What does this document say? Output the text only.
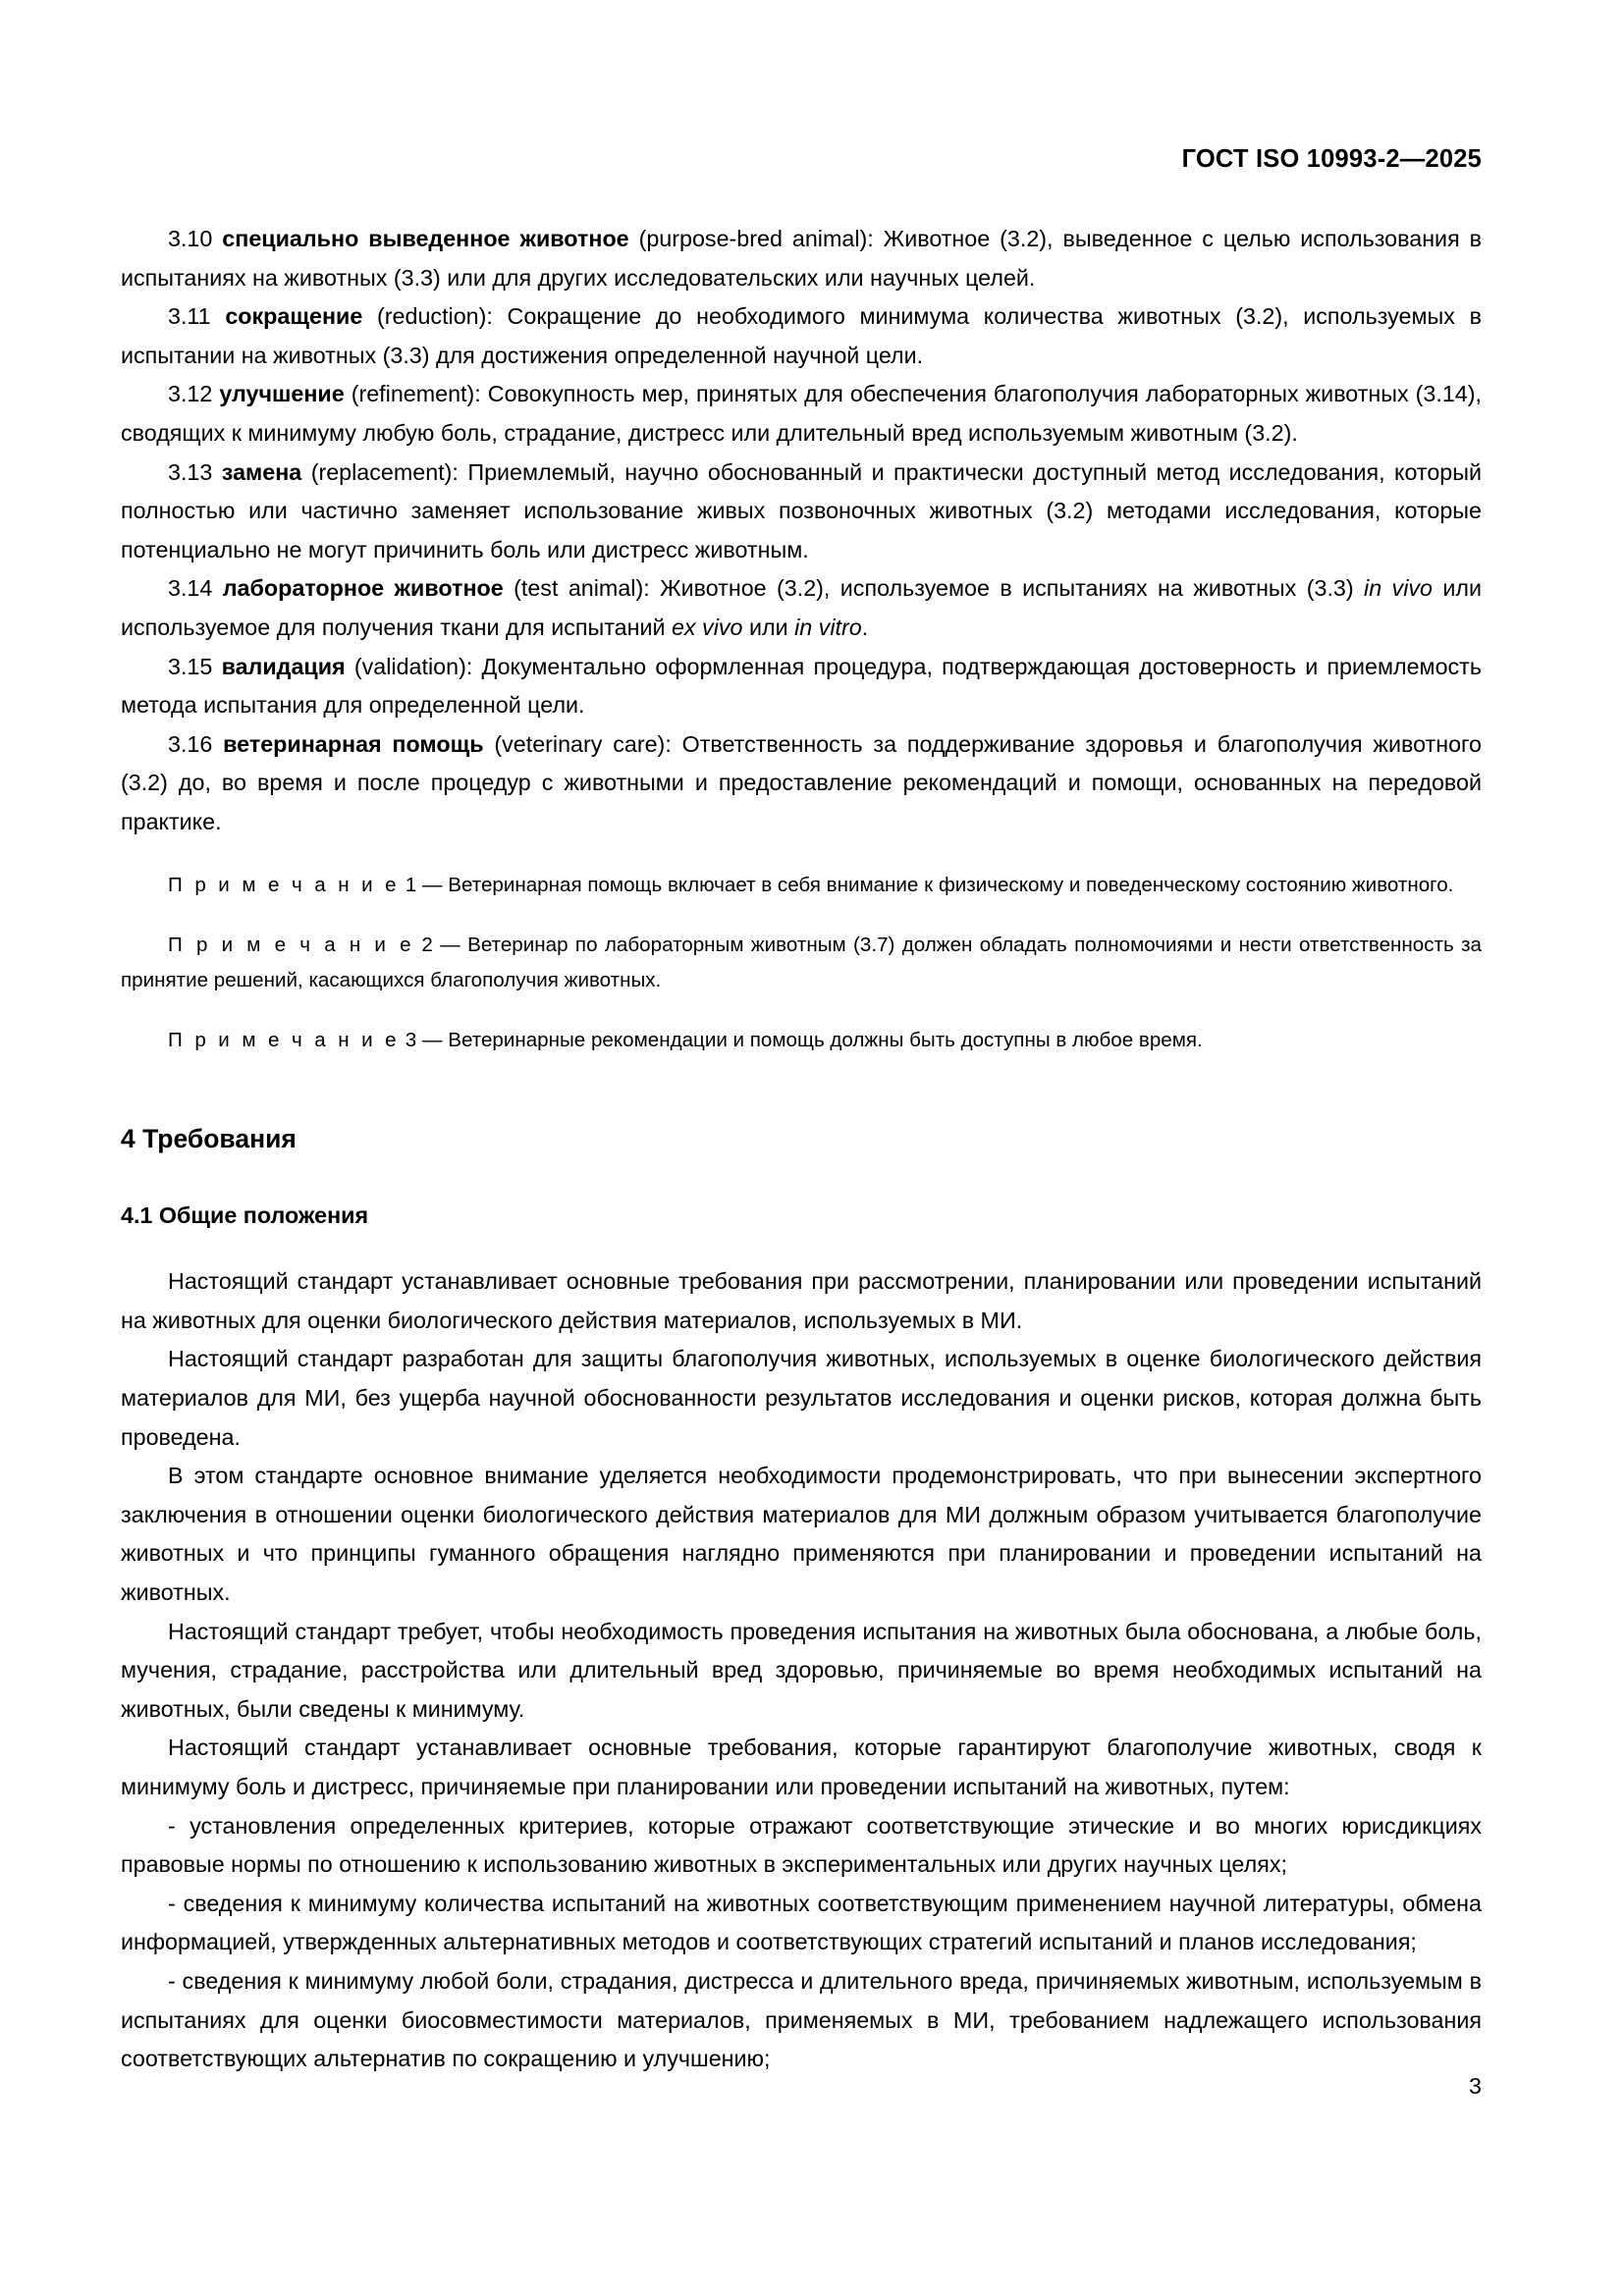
ГОСТ ISO 10993-2—2025

3.10 специально выведенное животное (purpose-bred animal): Животное (3.2), выведенное с целью использования в испытаниях на животных (3.3) или для других исследовательских или научных целей.

3.11 сокращение (reduction): Сокращение до необходимого минимума количества животных (3.2), используемых в испытании на животных (3.3) для достижения определенной научной цели.

3.12 улучшение (refinement): Совокупность мер, принятых для обеспечения благополучия лабораторных животных (3.14), сводящих к минимуму любую боль, страдание, дистресс или длительный вред используемым животным (3.2).

3.13 замена (replacement): Приемлемый, научно обоснованный и практически доступный метод исследования, который полностью или частично заменяет использование живых позвоночных животных (3.2) методами исследования, которые потенциально не могут причинить боль или дистресс животным.

3.14 лабораторное животное (test animal): Животное (3.2), используемое в испытаниях на животных (3.3) in vivo или используемое для получения ткани для испытаний ex vivo или in vitro.

3.15 валидация (validation): Документально оформленная процедура, подтверждающая достоверность и приемлемость метода испытания для определенной цели.

3.16 ветеринарная помощь (veterinary care): Ответственность за поддерживание здоровья и благополучия животного (3.2) до, во время и после процедур с животными и предоставление рекомендаций и помощи, основанных на передовой практике.

П р и м е ч а н и е 1 — Ветеринарная помощь включает в себя внимание к физическому и поведенческому состоянию животного.

П р и м е ч а н и е 2 — Ветеринар по лабораторным животным (3.7) должен обладать полномочиями и нести ответственность за принятие решений, касающихся благополучия животных.

П р и м е ч а н и е 3 — Ветеринарные рекомендации и помощь должны быть доступны в любое время.

4 Требования
4.1 Общие положения

Настоящий стандарт устанавливает основные требования при рассмотрении, планировании или проведении испытаний на животных для оценки биологического действия материалов, используемых в МИ.

Настоящий стандарт разработан для защиты благополучия животных, используемых в оценке биологического действия материалов для МИ, без ущерба научной обоснованности результатов исследования и оценки рисков, которая должна быть проведена.

В этом стандарте основное внимание уделяется необходимости продемонстрировать, что при вынесении экспертного заключения в отношении оценки биологического действия материалов для МИ должным образом учитывается благополучие животных и что принципы гуманного обращения наглядно применяются при планировании и проведении испытаний на животных.

Настоящий стандарт требует, чтобы необходимость проведения испытания на животных была обоснована, а любые боль, мучения, страдание, расстройства или длительный вред здоровью, причиняемые во время необходимых испытаний на животных, были сведены к минимуму.

Настоящий стандарт устанавливает основные требования, которые гарантируют благополучие животных, сводя к минимуму боль и дистресс, причиняемые при планировании или проведении испытаний на животных, путем:

- установления определенных критериев, которые отражают соответствующие этические и во многих юрисдикциях правовые нормы по отношению к использованию животных в экспериментальных или других научных целях;

- сведения к минимуму количества испытаний на животных соответствующим применением научной литературы, обмена информацией, утвержденных альтернативных методов и соответствующих стратегий испытаний и планов исследования;

- сведения к минимуму любой боли, страдания, дистресса и длительного вреда, причиняемых животным, используемым в испытаниях для оценки биосовместимости материалов, применяемых в МИ, требованием надлежащего использования соответствующих альтернатив по сокращению и улучшению;

3
